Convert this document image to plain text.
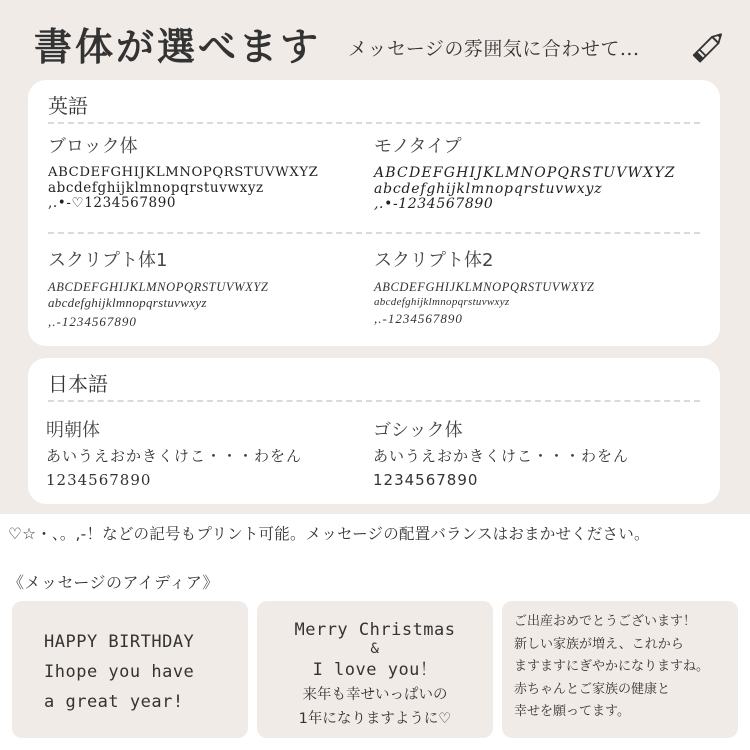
書体が選べます メッセージの雰囲気に合わせて...
英語
ブロック体
ABCDEFGHIJKLMNOPQRSTUVWXYZ
abcdefghijklmnopqrstuvwxyz
,.•-♡1234567890
モノタイプ
ABCDEFGHIJKLMNOPQRSTUVWXYZ
abcdefghijklmnopqrstuvwxyz
,.•-1234567890
スクリプト体1
ABCDEFGHIJKLMNOPQRSTUVWXYZ
abcdefghijklmnopqrstuvwxyz
,.-1234567890
スクリプト体2
ABCDEFGHIJKLMNOPQRSTUVWXYZ
abcdefghijklmnopqrstuvwxyz
,.-1234567890
日本語
明朝体
あいうえおかきくけこ・・・わをん
1234567890
ゴシック体
あいうえおかきくけこ・・・わをん
1234567890
♡☆・、。,-！などの記号もプリント可能。メッセージの配置バランスはおまかせください。
《メッセージのアイディア》
HAPPY BIRTHDAY
Ihope you have
a great year!
Merry Christmas
&
I love you！
来年も幸せいっぱいの
1年になりますように♡
ご出産おめでとうございます！
新しい家族が増え、これから
ますますにぎやかになりますね。
赤ちゃんとご家族の健康と
幸せを願ってます。
